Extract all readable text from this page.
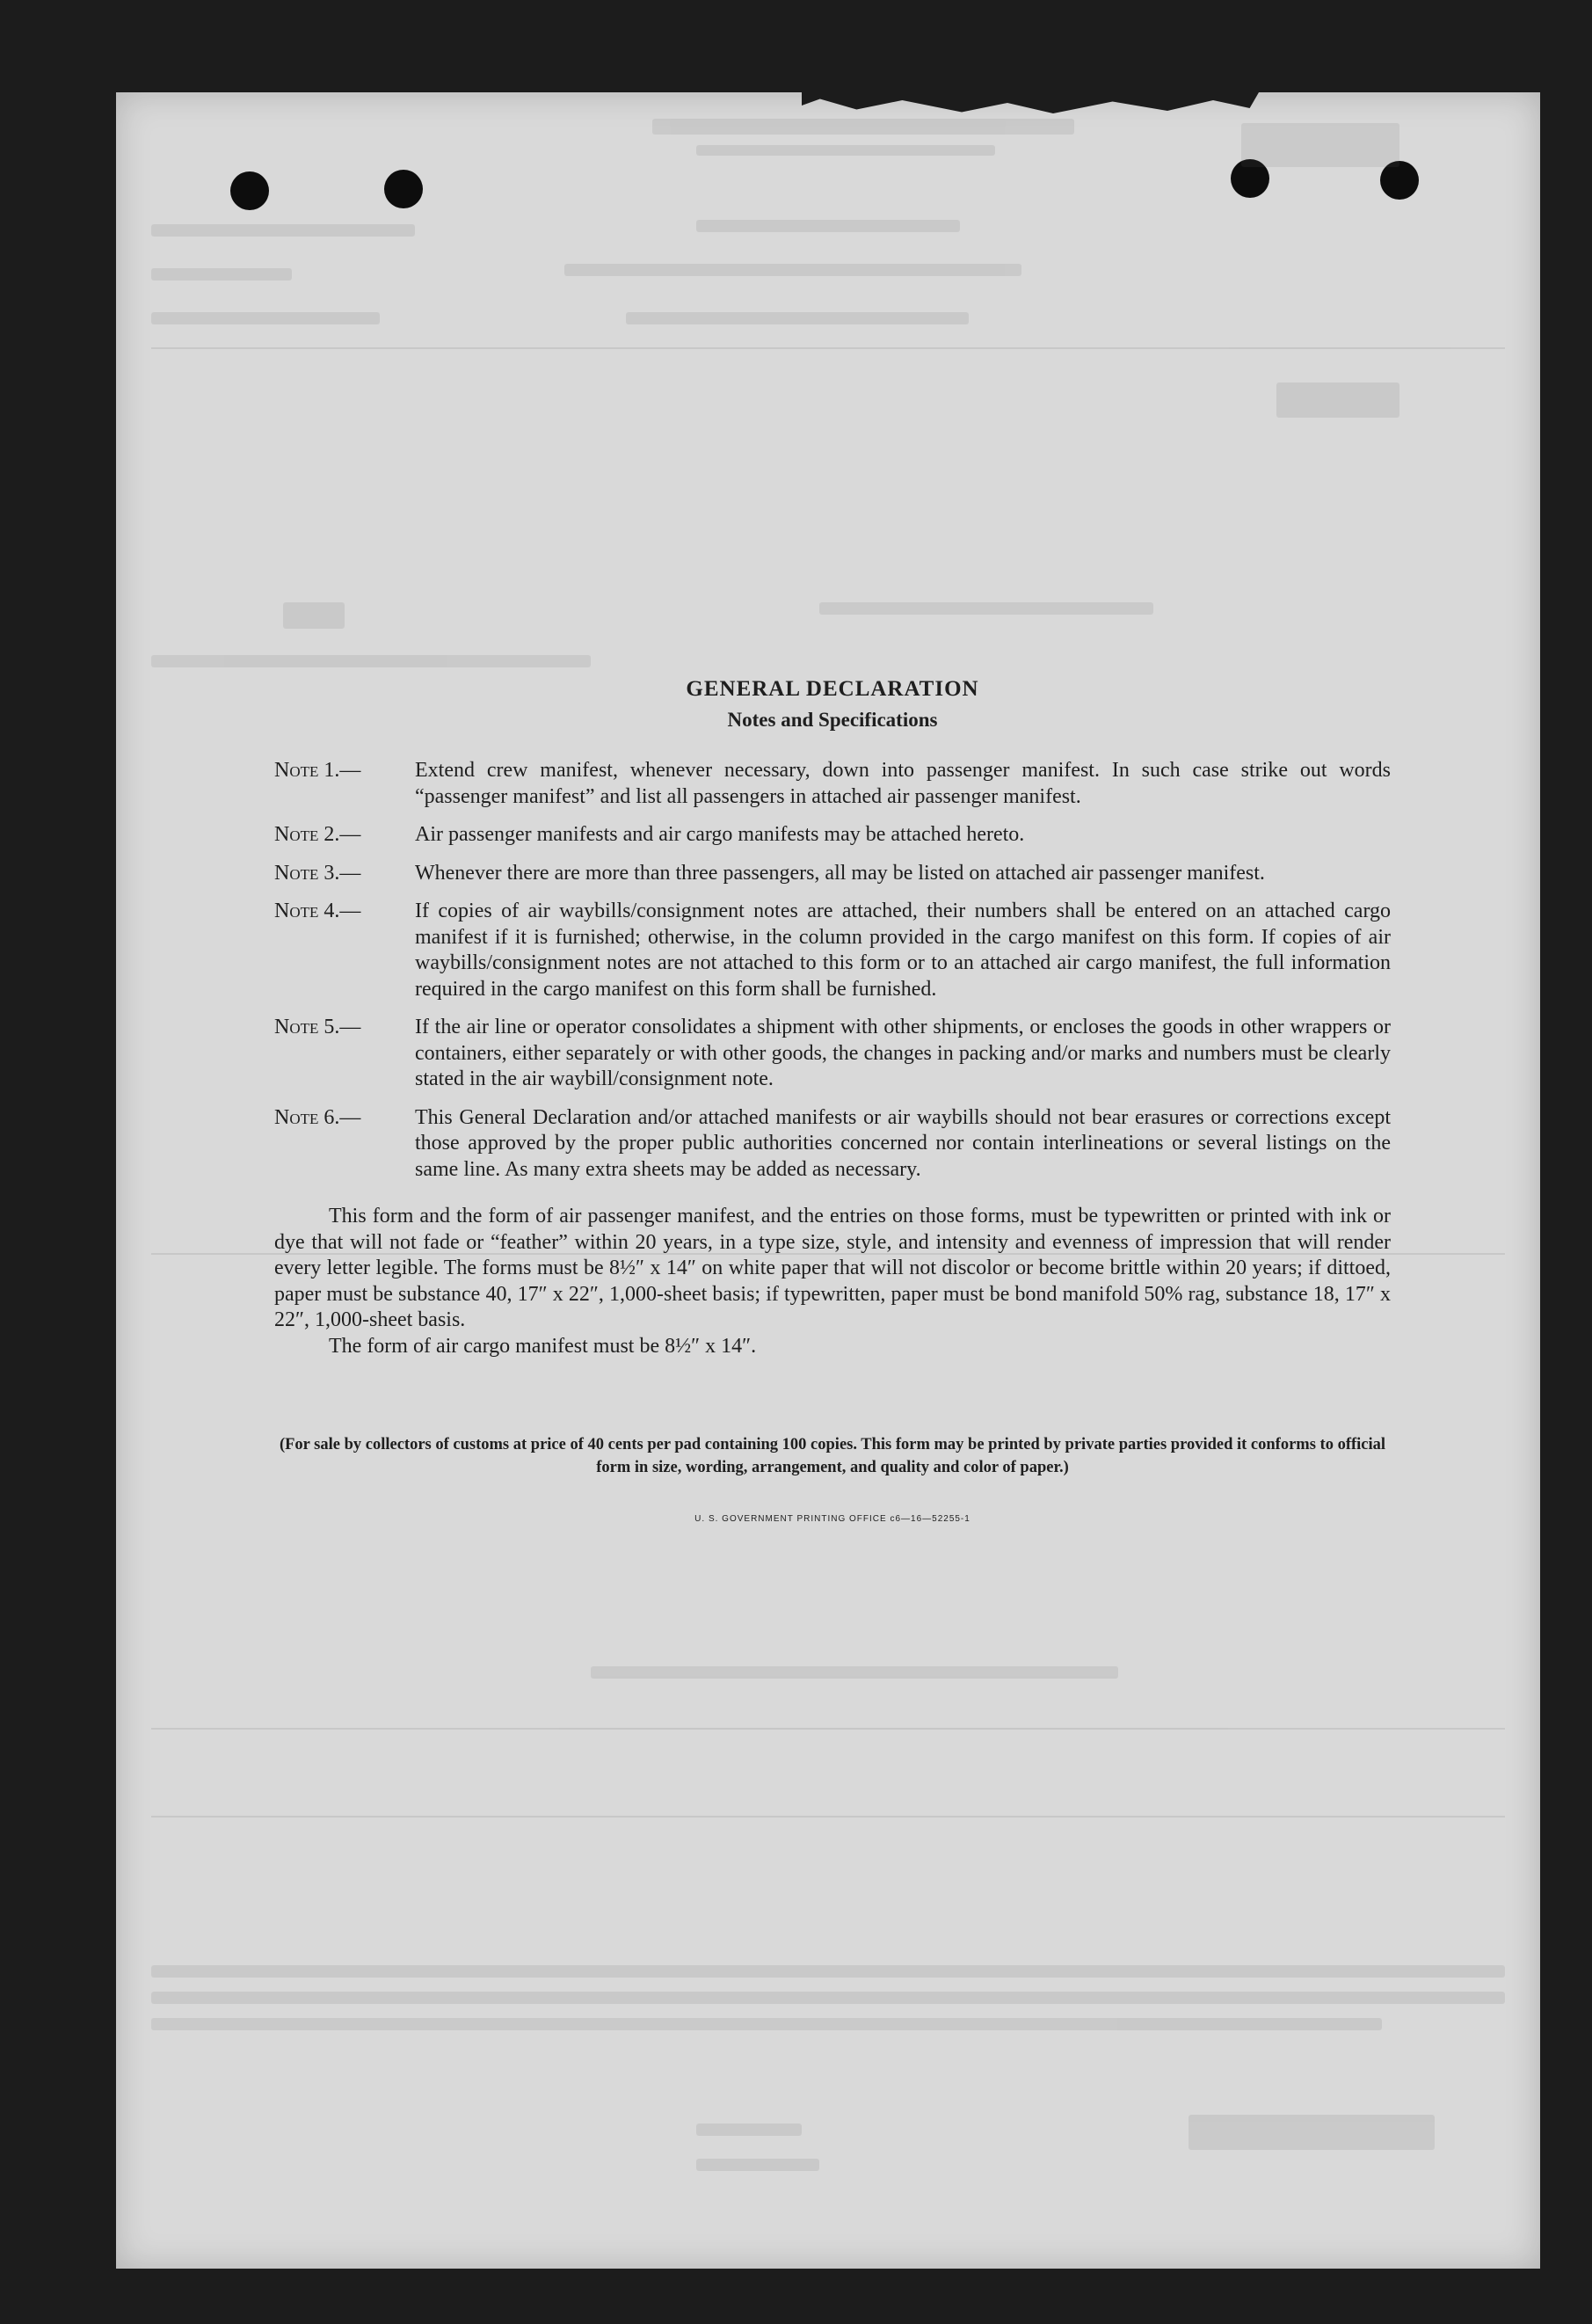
GENERAL DECLARATION
Notes and Specifications
Note 1.—	Extend crew manifest, whenever necessary, down into passenger manifest. In such case strike out words “passenger manifest” and list all passengers in attached air passenger manifest.
Note 2.—	Air passenger manifests and air cargo manifests may be attached hereto.
Note 3.—	Whenever there are more than three passengers, all may be listed on attached air passenger manifest.
Note 4.—	If copies of air waybills/consignment notes are attached, their numbers shall be entered on an attached cargo manifest if it is furnished; otherwise, in the column provided in the cargo manifest on this form. If copies of air waybills/consignment notes are not attached to this form or to an attached air cargo manifest, the full information required in the cargo manifest on this form shall be furnished.
Note 5.—	If the air line or operator consolidates a shipment with other shipments, or encloses the goods in other wrappers or containers, either separately or with other goods, the changes in packing and/or marks and numbers must be clearly stated in the air waybill/consignment note.
Note 6.—	This General Declaration and/or attached manifests or air waybills should not bear erasures or corrections except those approved by the proper public authorities concerned nor contain interlineations or several listings on the same line. As many extra sheets may be added as necessary.

This form and the form of air passenger manifest, and the entries on those forms, must be typewritten or printed with ink or dye that will not fade or “feather” within 20 years, in a type size, style, and intensity and evenness of impression that will render every letter legible. The forms must be 8½″ x 14″ on white paper that will not discolor or become brittle within 20 years; if dittoed, paper must be substance 40, 17″ x 22″, 1,000-sheet basis; if typewritten, paper must be bond manifold 50% rag, substance 18, 17″ x 22″, 1,000-sheet basis.

The form of air cargo manifest must be 8½″ x 14″.

(For sale by collectors of customs at price of 40 cents per pad containing 100 copies. This form may be printed by private parties provided it conforms to official form in size, wording, arrangement, and quality and color of paper.)
U. S. GOVERNMENT PRINTING OFFICE c6—16—52255-1
